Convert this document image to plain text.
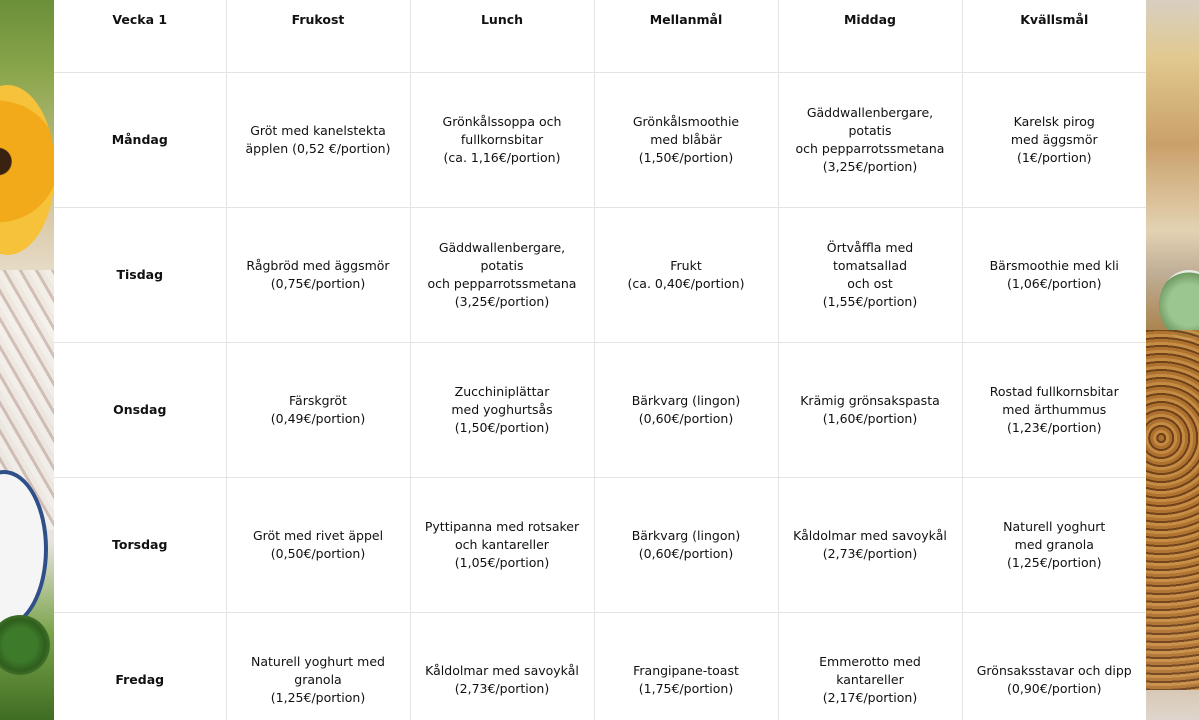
Vecka 1	Frukost	Lunch	Mellanmål	Middag	Kvällsmål
Måndag	Gröt med kanelstekta
äpplen (0,52 €/portion)	Grönkålssoppa och
fullkornsbitar
(ca. 1,16€/portion)	Grönkålsmoothie
med blåbär
(1,50€/portion)	Gäddwallenbergare, potatis
och pepparrotssmetana
(3,25€/portion)	Karelsk pirog
med äggsmör
(1€/portion)
Tisdag	Rågbröd med äggsmör
(0,75€/portion)	Gäddwallenbergare, potatis
och pepparrotssmetana
(3,25€/portion)	Frukt
(ca. 0,40€/portion)	Örtvåffla med tomatsallad
och ost
(1,55€/portion)	Bärsmoothie med kli
(1,06€/portion)
Onsdag	Färskgröt
(0,49€/portion)	Zucchiniplättar
med yoghurtsås
(1,50€/portion)	Bärkvarg (lingon)
(0,60€/portion)	Krämig grönsakspasta
(1,60€/portion)	Rostad fullkornsbitar
med ärthummus
(1,23€/portion)
Torsdag	Gröt med rivet äppel
(0,50€/portion)	Pyttipanna med rotsaker
och kantareller
(1,05€/portion)	Bärkvarg (lingon)
(0,60€/portion)	Kåldolmar med savoykål
(2,73€/portion)	Naturell yoghurt
med granola
(1,25€/portion)
Fredag	Naturell yoghurt med
granola
(1,25€/portion)	Kåldolmar med savoykål
(2,73€/portion)	Frangipane-toast
(1,75€/portion)	Emmerotto med kantareller
(2,17€/portion)	Grönsaksstavar och dipp
(0,90€/portion)
